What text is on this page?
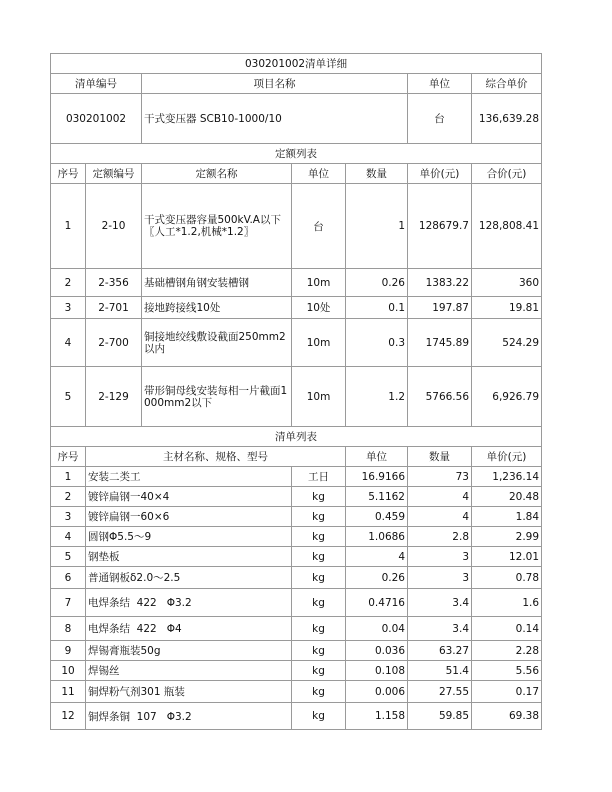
030201002清单详细							
清单编号		项目名称			单位	综合单价	
030201002		干式变压器 SCB10-1000/10			台	136,639.28	
定额列表							
序号	定额编号	定额名称	单位	数量	单价(元)	合价(元)	
1	2-10	干式变压器容量500kV.A以下〖人工*1.2,机械*1.2〗	台	1	128679.7	128,808.41	
2	2-356	基础槽钢角钢安装槽钢	10m	0.26	1383.22	360	
3	2-701	接地跨接线10处	10处	0.1	197.87	19.81	
4	2-700	铜接地绞线敷设截面250mm2以内	10m	0.3	1745.89	524.29	
5	2-129	带形铜母线安装每相一片截面1000mm2以下	10m	1.2	5766.56	6,926.79	
清单列表							
序号	主材名称、规格、型号			单位	数量	单价(元)	
1	安装二类工		工日	16.9166	73	1,236.14	
2	镀锌扁钢一40×4		kg	5.1162	4	20.48	
3	镀锌扁钢一60×6		kg	0.459	4	1.84	
4	圆钢Φ5.5～9		kg	1.0686	2.8	2.99	
5	钢垫板		kg	4	3	12.01	
6	普通钢板δ2.0～2.5		kg	0.26	3	0.78	
7	电焊条结  422   Φ3.2		kg	0.4716	3.4	1.6	
8	电焊条结  422   Φ4		kg	0.04	3.4	0.14	
9	焊锡膏瓶装50g		kg	0.036	63.27	2.28	
10	焊锡丝		kg	0.108	51.4	5.56	
11	铜焊粉气剂301 瓶装		kg	0.006	27.55	0.17	
12	铜焊条铜  107   Φ3.2		kg	1.158	59.85	69.38	
